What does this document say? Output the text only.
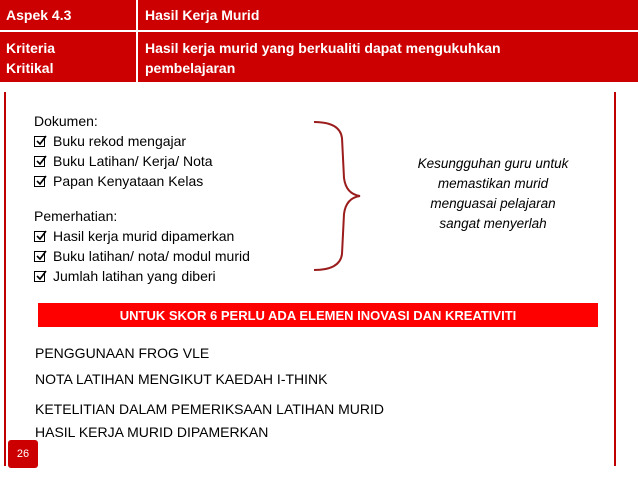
Aspek 4.3	Hasil Kerja Murid
Kriteria
Kritikal
Hasil kerja murid yang berkualiti dapat mengukuhkan
pembelajaran
Dokumen:
Buku rekod mengajar
Buku Latihan/ Kerja/ Nota
Papan Kenyataan Kelas
Pemerhatian:
Hasil kerja murid dipamerkan
Buku latihan/ nota/ modul murid
Jumlah latihan yang diberi
Kesungguhan guru untuk
memastikan murid
menguasai pelajaran
sangat menyerlah
UNTUK SKOR 6 PERLU ADA ELEMEN INOVASI DAN KREATIVITI
PENGGUNAAN FROG VLE
NOTA LATIHAN MENGIKUT KAEDAH I-THINK
KETELITIAN DALAM PEMERIKSAAN LATIHAN MURID
HASIL KERJA MURID DIPAMERKAN
26
